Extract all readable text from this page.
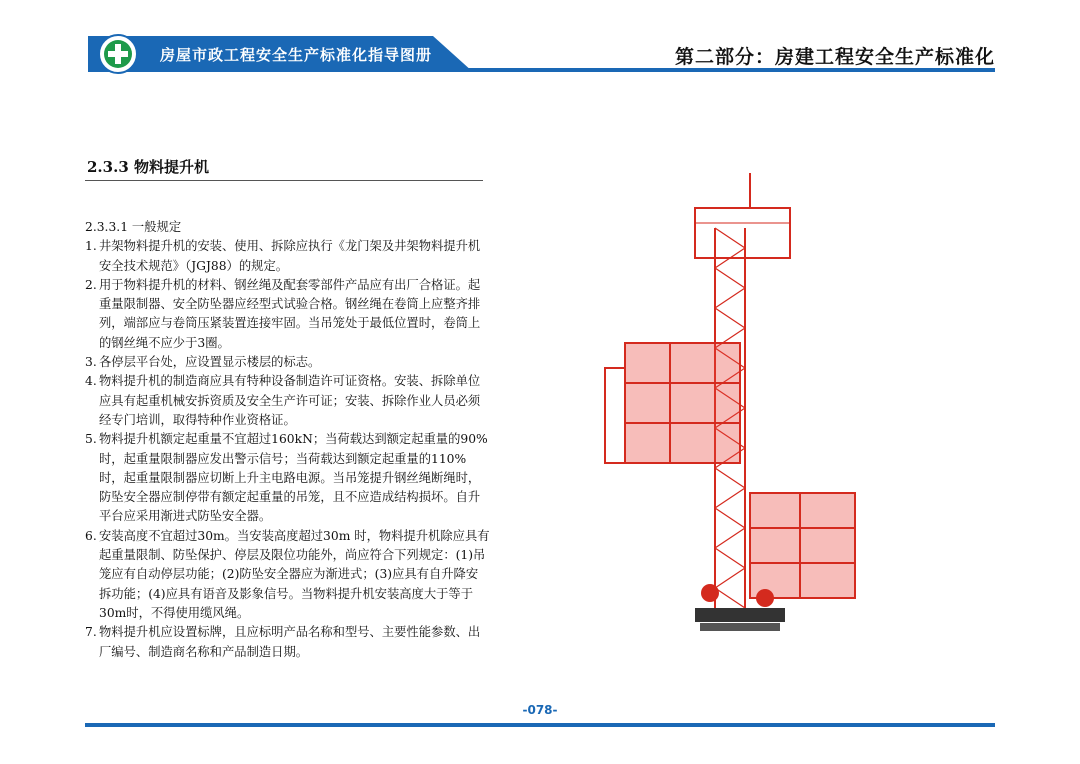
房屋市政工程安全生产标准化指导图册	第二部分：房建工程安全生产标准化
2.3.3 物料提升机

2.3.3.1 一般规定

1. 井架物料提升机的安装、使用、拆除应执行《龙门架及井架物料提升机安全技术规范》（JGJ88）的规定。

2. 用于物料提升机的材料、钢丝绳及配套零部件产品应有出厂合格证。起重量限制器、安全防坠器应经型式试验合格。钢丝绳在卷筒上应整齐排列，端部应与卷筒压紧装置连接牢固。当吊笼处于最低位置时，卷筒上的钢丝绳不应少于3圈。

3. 各停层平台处，应设置显示楼层的标志。

4. 物料提升机的制造商应具有特种设备制造许可证资格。安装、拆除单位应具有起重机械安拆资质及安全生产许可证；安装、拆除作业人员必须经专门培训，取得特种作业资格证。

5. 物料提升机额定起重量不宜超过160kN；当荷载达到额定起重量的90%时，起重量限制器应发出警示信号；当荷载达到额定起重量的110%时，起重量限制器应切断上升主电路电源。当吊笼提升钢丝绳断绳时，防坠安全器应制停带有额定起重量的吊笼，且不应造成结构损坏。自升平台应采用渐进式防坠安全器。

6. 安装高度不宜超过30m。当安装高度超过30m 时，物料提升机除应具有起重量限制、防坠保护、停层及限位功能外，尚应符合下列规定：(1)吊笼应有自动停层功能；(2)防坠安全器应为渐进式；(3)应具有自升降安拆功能；(4)应具有语音及影象信号。当物料提升机安装高度大于等于30m时，不得使用缆风绳。

7. 物料提升机应设置标牌，且应标明产品名称和型号、主要性能参数、出厂编号、制造商名称和产品制造日期。

-078-
